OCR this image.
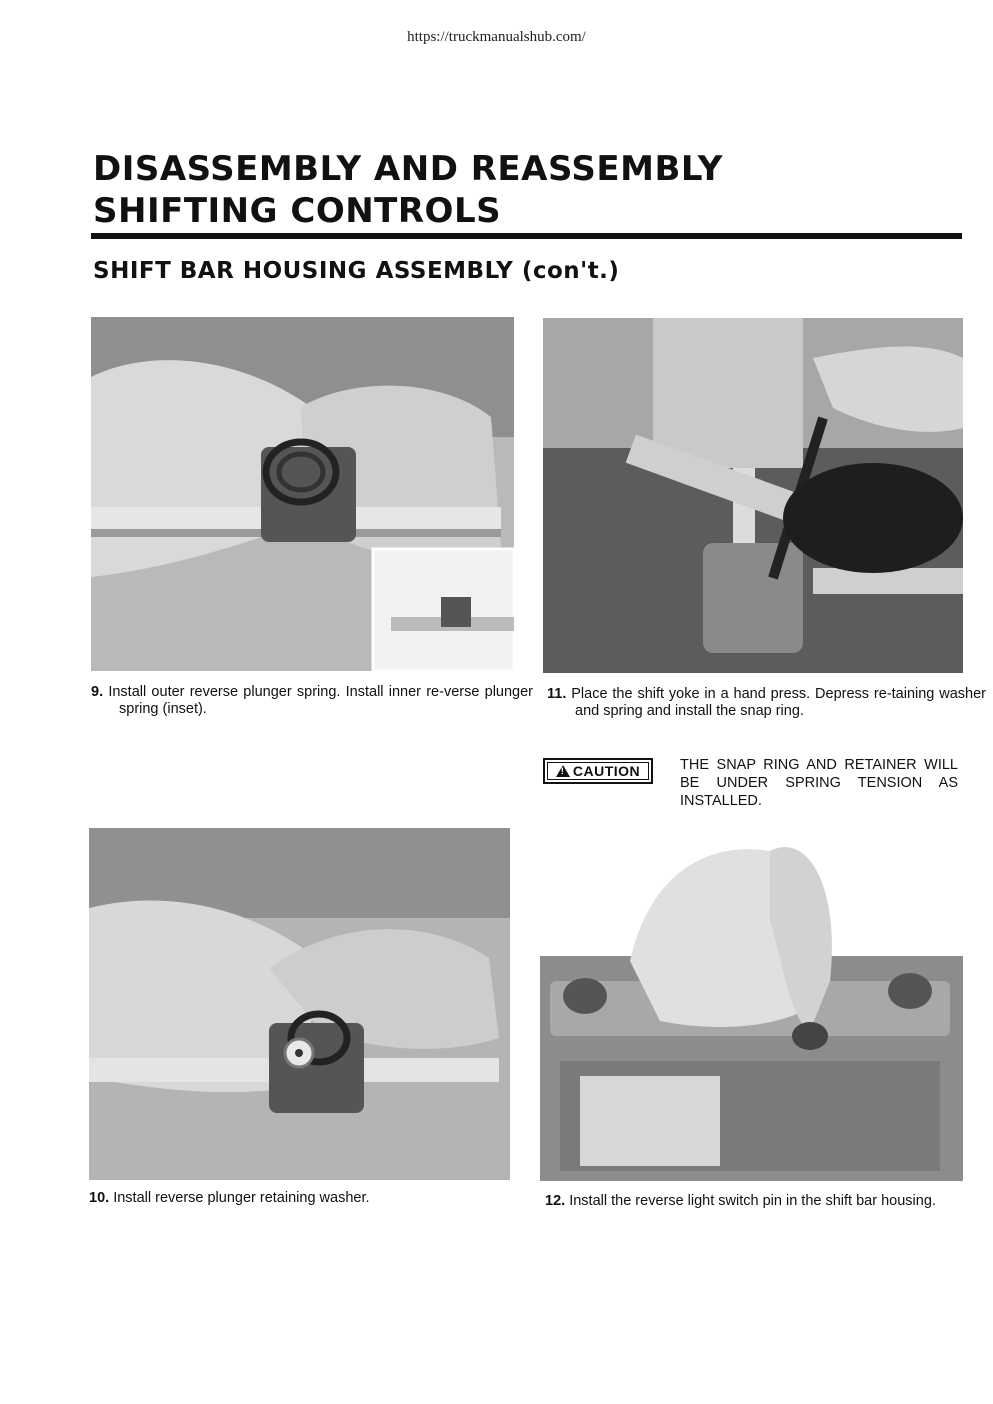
https://truckmanualshub.com/
DISASSEMBLY AND REASSEMBLY
SHIFTING CONTROLS
SHIFT BAR HOUSING ASSEMBLY (con't.)
9. Install outer reverse plunger spring. Install inner re-verse plunger spring (inset).
11. Place the shift yoke in a hand press. Depress re-taining washer and spring and install the snap ring.
!
CAUTION	THE SNAP RING AND RETAINER WILL BE UNDER SPRING TENSION AS INSTALLED.
10. Install reverse plunger retaining washer.	12. Install the reverse light switch pin in the shift bar housing.
